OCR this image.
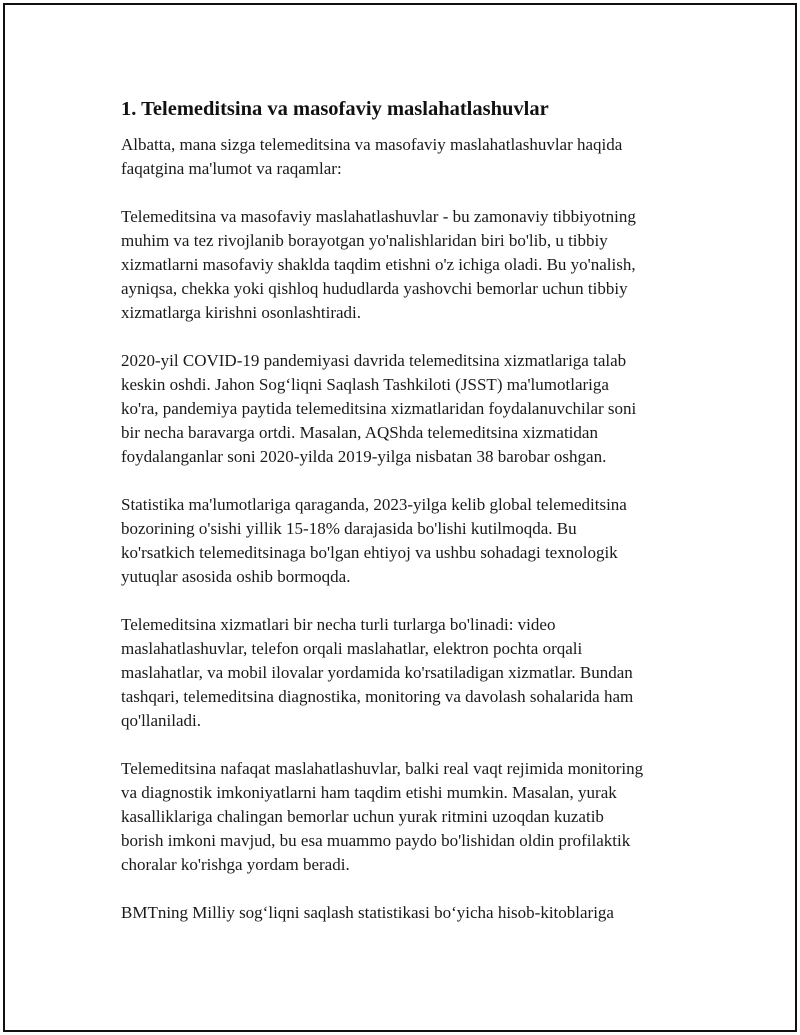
1. Telemeditsina va masofaviy maslahatlashuvlar

Albatta, mana sizga telemeditsina va masofaviy maslahatlashuvlar haqida
faqatgina ma'lumot va raqamlar:

Telemeditsina va masofaviy maslahatlashuvlar - bu zamonaviy tibbiyotning
muhim va tez rivojlanib borayotgan yo'nalishlaridan biri bo'lib, u tibbiy
xizmatlarni masofaviy shaklda taqdim etishni o'z ichiga oladi. Bu yo'nalish,
ayniqsa, chekka yoki qishloq hududlarda yashovchi bemorlar uchun tibbiy
xizmatlarga kirishni osonlashtiradi.

2020-yil COVID-19 pandemiyasi davrida telemeditsina xizmatlariga talab
keskin oshdi. Jahon Sog‘liqni Saqlash Tashkiloti (JSST) ma'lumotlariga
ko'ra, pandemiya paytida telemeditsina xizmatlaridan foydalanuvchilar soni
bir necha baravarga ortdi. Masalan, AQShda telemeditsina xizmatidan
foydalanganlar soni 2020-yilda 2019-yilga nisbatan 38 barobar oshgan.

Statistika ma'lumotlariga qaraganda, 2023-yilga kelib global telemeditsina
bozorining o'sishi yillik 15-18% darajasida bo'lishi kutilmoqda. Bu
ko'rsatkich telemeditsinaga bo'lgan ehtiyoj va ushbu sohadagi texnologik
yutuqlar asosida oshib bormoqda.

Telemeditsina xizmatlari bir necha turli turlarga bo'linadi: video
maslahatlashuvlar, telefon orqali maslahatlar, elektron pochta orqali
maslahatlar, va mobil ilovalar yordamida ko'rsatiladigan xizmatlar. Bundan
tashqari, telemeditsina diagnostika, monitoring va davolash sohalarida ham
qo'llaniladi.

Telemeditsina nafaqat maslahatlashuvlar, balki real vaqt rejimida monitoring
va diagnostik imkoniyatlarni ham taqdim etishi mumkin. Masalan, yurak
kasalliklariga chalingan bemorlar uchun yurak ritmini uzoqdan kuzatib
borish imkoni mavjud, bu esa muammo paydo bo'lishidan oldin profilaktik
choralar ko'rishga yordam beradi.

BMTning Milliy sog‘liqni saqlash statistikasi bo‘yicha hisob-kitoblariga
